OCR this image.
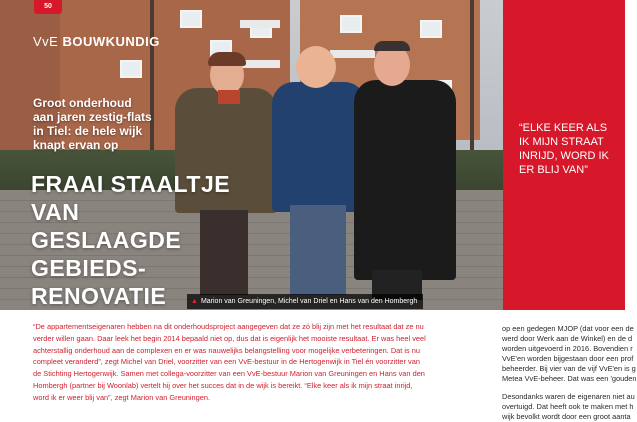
▲ Marion van Greuningen, Michel van Driel en Hans van den Hombergh
50
VvE BOUWKUNDIG
Groot onderhoud
aan jaren zestig-flats
in Tiel: de hele wijk
knapt ervan op
FRAAI STAALTJE
VAN GESLAAGDE
GEBIEDS-
RENOVATIE
“ELKE KEER ALS
IK MIJN STRAAT
INRIJD, WORD IK
ER BLIJ VAN”
“De appartementseigenaren hebben na dit onderhoudsproject aangegeven dat ze zó blij zijn met het resultaat dat ze nu
verder willen gaan. Daar leek het begin 2014 bepaald niet op, dus dat is eigenlijk het mooiste resultaat. Er was heel veel
achterstallig onderhoud aan de complexen en er was nauwelijks belangstelling voor mogelijke verbeteringen. Dat is nu
compleet veranderd”, zegt Michel van Driel, voorzitter van een VvE-bestuur in de Hertogenwijk in Tiel én voorzitter van
de Stichting Hertogenwijk. Samen met collega-voorzitter van een VvE-bestuur Marion van Greuningen en Hans van den
Hombergh (partner bij Woonlab) vertelt hij over het succes dat in de wijk is bereikt. “Elke keer als ik mijn straat inrijd,
word ik er weer blij van”, zegt Marion van Greuningen.

op een gedegen MJOP (dat voor een de

werd door Werk aan de Winkel) en de d

worden uitgevoerd in 2016. Bovendien r

VvE'en worden bijgestaan door een prof

beheerder. Bij vier van de vijf VvE'en is g

Metea VvE-beheer. Dat was een 'gouden

Desondanks waren de eigenaren niet au

overtuigd. Dat heeft ook te maken met h

wijk bevolkt wordt door een groot aanta
